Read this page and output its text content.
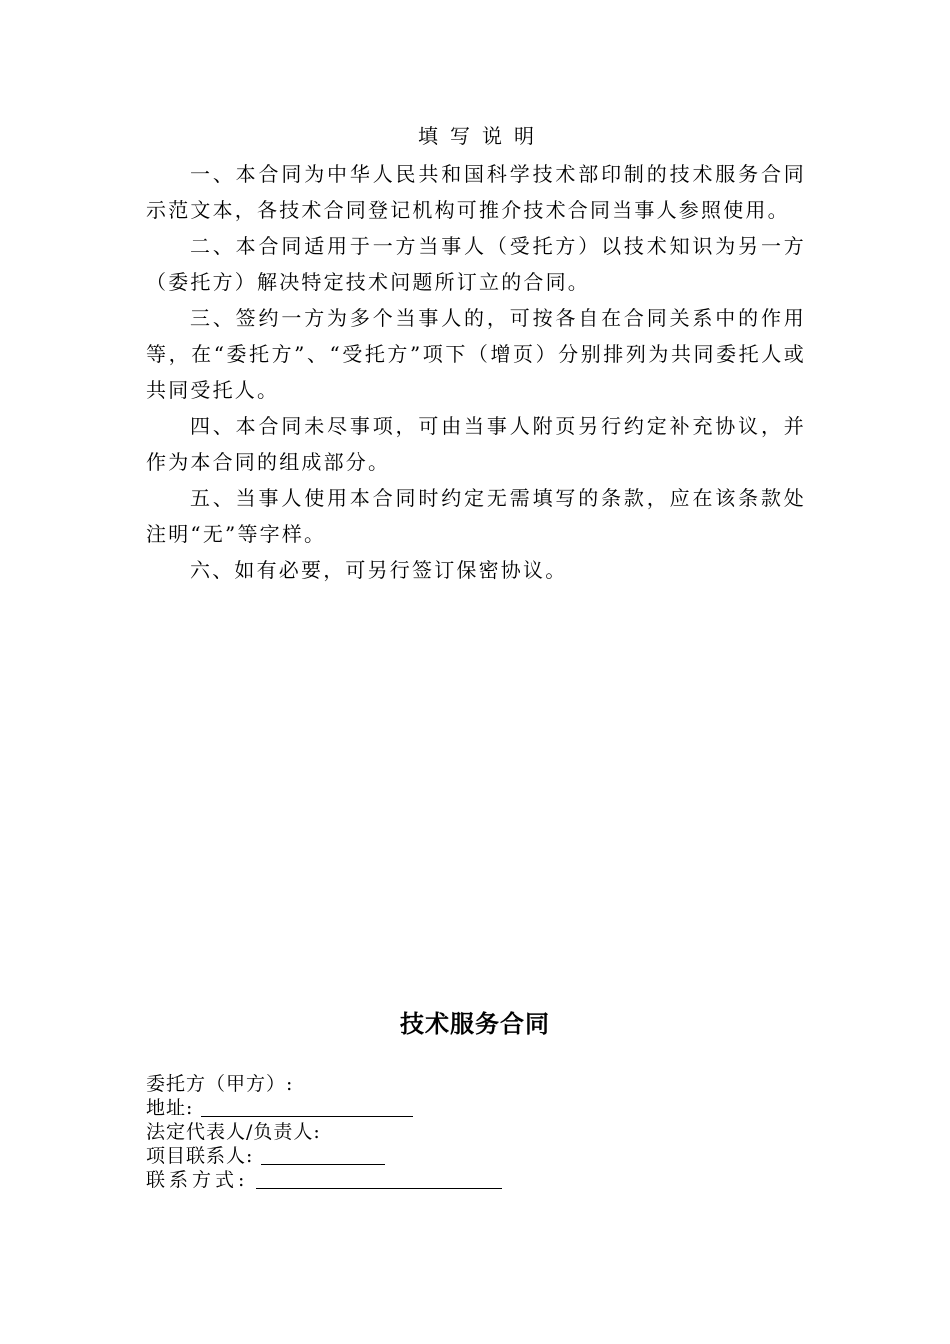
填写说明

一、本合同为中华人民共和国科学技术部印制的技术服务合同示范文本，各技术合同登记机构可推介技术合同当事人参照使用。

二、本合同适用于一方当事人（受托方）以技术知识为另一方（委托方）解决特定技术问题所订立的合同。

三、签约一方为多个当事人的，可按各自在合同关系中的作用等，在“委托方”、“受托方”项下（增页）分别排列为共同委托人或共同受托人。

四、本合同未尽事项，可由当事人附页另行约定补充协议，并作为本合同的组成部分。

五、当事人使用本合同时约定无需填写的条款，应在该条款处注明“无”等字样。

六、如有必要，可另行签订保密协议。

技术服务合同
委托方（甲方）:
地址:
法定代表人/负责人:
项目联系人:
联系方式:
